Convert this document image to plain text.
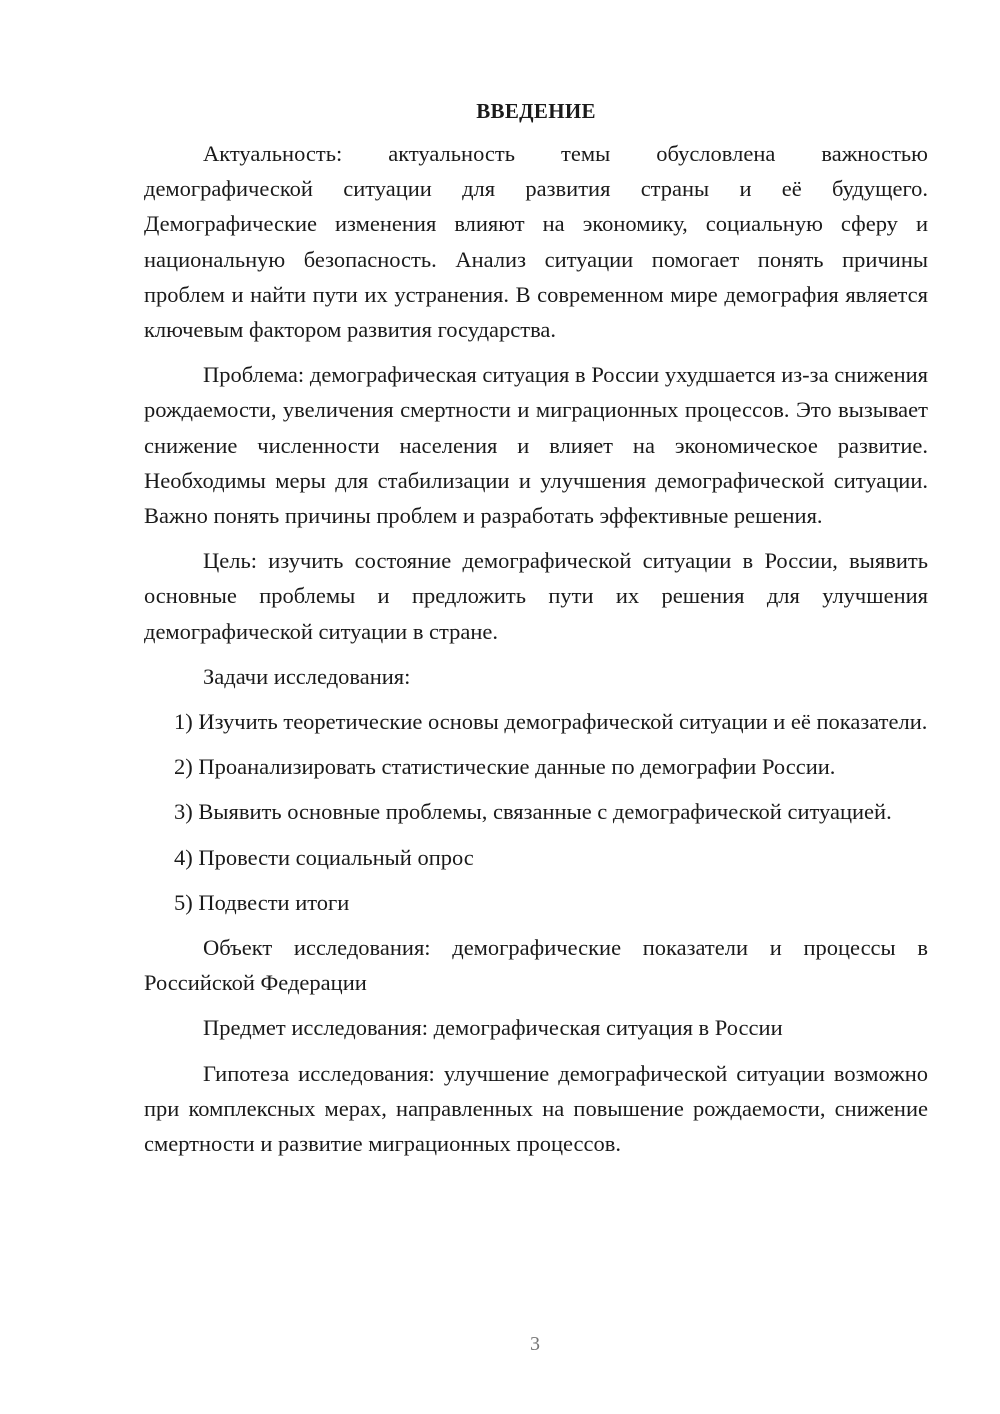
ВВЕДЕНИЕ

Актуальность: актуальность темы обусловлена важностью демографической ситуации для развития страны и её будущего. Демографические изменения влияют на экономику, социальную сферу и национальную безопасность. Анализ ситуации помогает понять причины проблем и найти пути их устранения. В современном мире демография является ключевым фактором развития государства.

Проблема: демографическая ситуация в России ухудшается из-за снижения рождаемости, увеличения смертности и миграционных процессов. Это вызывает снижение численности населения и влияет на экономическое развитие. Необходимы меры для стабилизации и улучшения демографической ситуации. Важно понять причины проблем и разработать эффективные решения.

Цель: изучить состояние демографической ситуации в России, выявить основные проблемы и предложить пути их решения для улучшения демографической ситуации в стране.

Задачи исследования:

1) Изучить теоретические основы демографической ситуации и её показатели.

2) Проанализировать статистические данные по демографии России.

3) Выявить основные проблемы, связанные с демографической ситуацией.

4) Провести социальный опрос

5) Подвести итоги

Объект исследования: демографические показатели и процессы в Российской Федерации

Предмет исследования: демографическая ситуация в России

Гипотеза исследования: улучшение демографической ситуации возможно при комплексных мерах, направленных на повышение рождаемости, снижение смертности и развитие миграционных процессов.

3
